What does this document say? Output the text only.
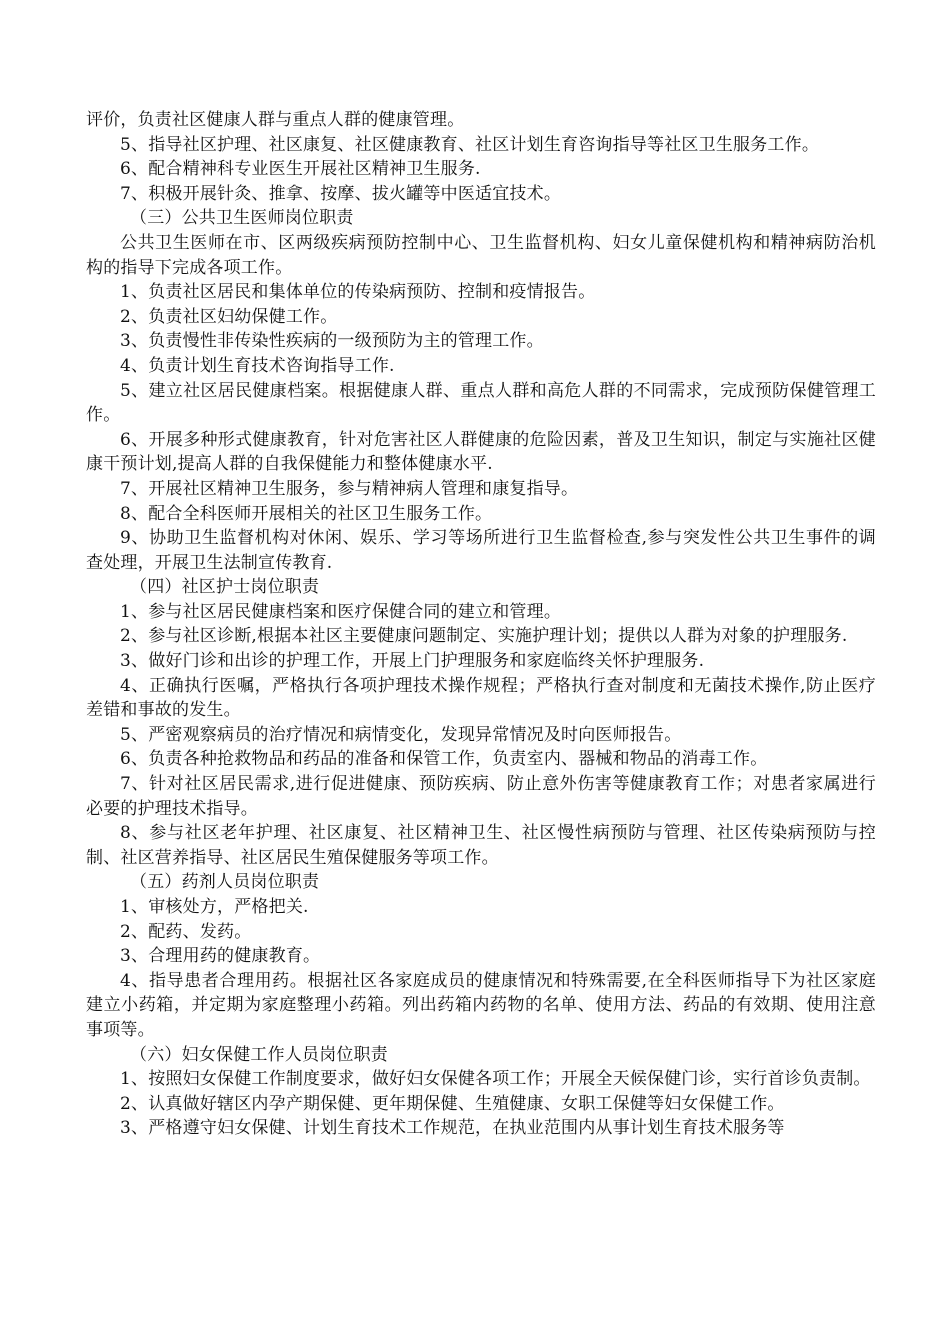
评价，负责社区健康人群与重点人群的健康管理。

5、指导社区护理、社区康复、社区健康教育、社区计划生育咨询指导等社区卫生服务工作。

6、配合精神科专业医生开展社区精神卫生服务.

7、积极开展针灸、推拿、按摩、拔火罐等中医适宜技术。

（三）公共卫生医师岗位职责

公共卫生医师在市、区两级疾病预防控制中心、卫生监督机构、妇女儿童保健机构和精神病防治机构的指导下完成各项工作。

1、负责社区居民和集体单位的传染病预防、控制和疫情报告。

2、负责社区妇幼保健工作。

3、负责慢性非传染性疾病的一级预防为主的管理工作。

4、负责计划生育技术咨询指导工作.

5、建立社区居民健康档案。根据健康人群、重点人群和高危人群的不同需求，完成预防保健管理工作。

6、开展多种形式健康教育，针对危害社区人群健康的危险因素，普及卫生知识，制定与实施社区健康干预计划,提高人群的自我保健能力和整体健康水平.

7、开展社区精神卫生服务，参与精神病人管理和康复指导。

8、配合全科医师开展相关的社区卫生服务工作。

9、协助卫生监督机构对休闲、娱乐、学习等场所进行卫生监督检查,参与突发性公共卫生事件的调查处理，开展卫生法制宣传教育.

（四）社区护士岗位职责

1、参与社区居民健康档案和医疗保健合同的建立和管理。

2、参与社区诊断,根据本社区主要健康问题制定、实施护理计划；提供以人群为对象的护理服务.

3、做好门诊和出诊的护理工作，开展上门护理服务和家庭临终关怀护理服务.

4、正确执行医嘱，严格执行各项护理技术操作规程；严格执行查对制度和无菌技术操作,防止医疗差错和事故的发生。

5、严密观察病员的治疗情况和病情变化，发现异常情况及时向医师报告。

6、负责各种抢救物品和药品的准备和保管工作，负责室内、器械和物品的消毒工作。

7、针对社区居民需求,进行促进健康、预防疾病、防止意外伤害等健康教育工作；对患者家属进行必要的护理技术指导。

8、参与社区老年护理、社区康复、社区精神卫生、社区慢性病预防与管理、社区传染病预防与控制、社区营养指导、社区居民生殖保健服务等项工作。

（五）药剂人员岗位职责

1、审核处方，严格把关.

2、配药、发药。

3、合理用药的健康教育。

4、指导患者合理用药。根据社区各家庭成员的健康情况和特殊需要,在全科医师指导下为社区家庭建立小药箱，并定期为家庭整理小药箱。列出药箱内药物的名单、使用方法、药品的有效期、使用注意事项等。

（六）妇女保健工作人员岗位职责

1、按照妇女保健工作制度要求，做好妇女保健各项工作；开展全天候保健门诊，实行首诊负责制。

2、认真做好辖区内孕产期保健、更年期保健、生殖健康、女职工保健等妇女保健工作。

3、严格遵守妇女保健、计划生育技术工作规范，在执业范围内从事计划生育技术服务等
